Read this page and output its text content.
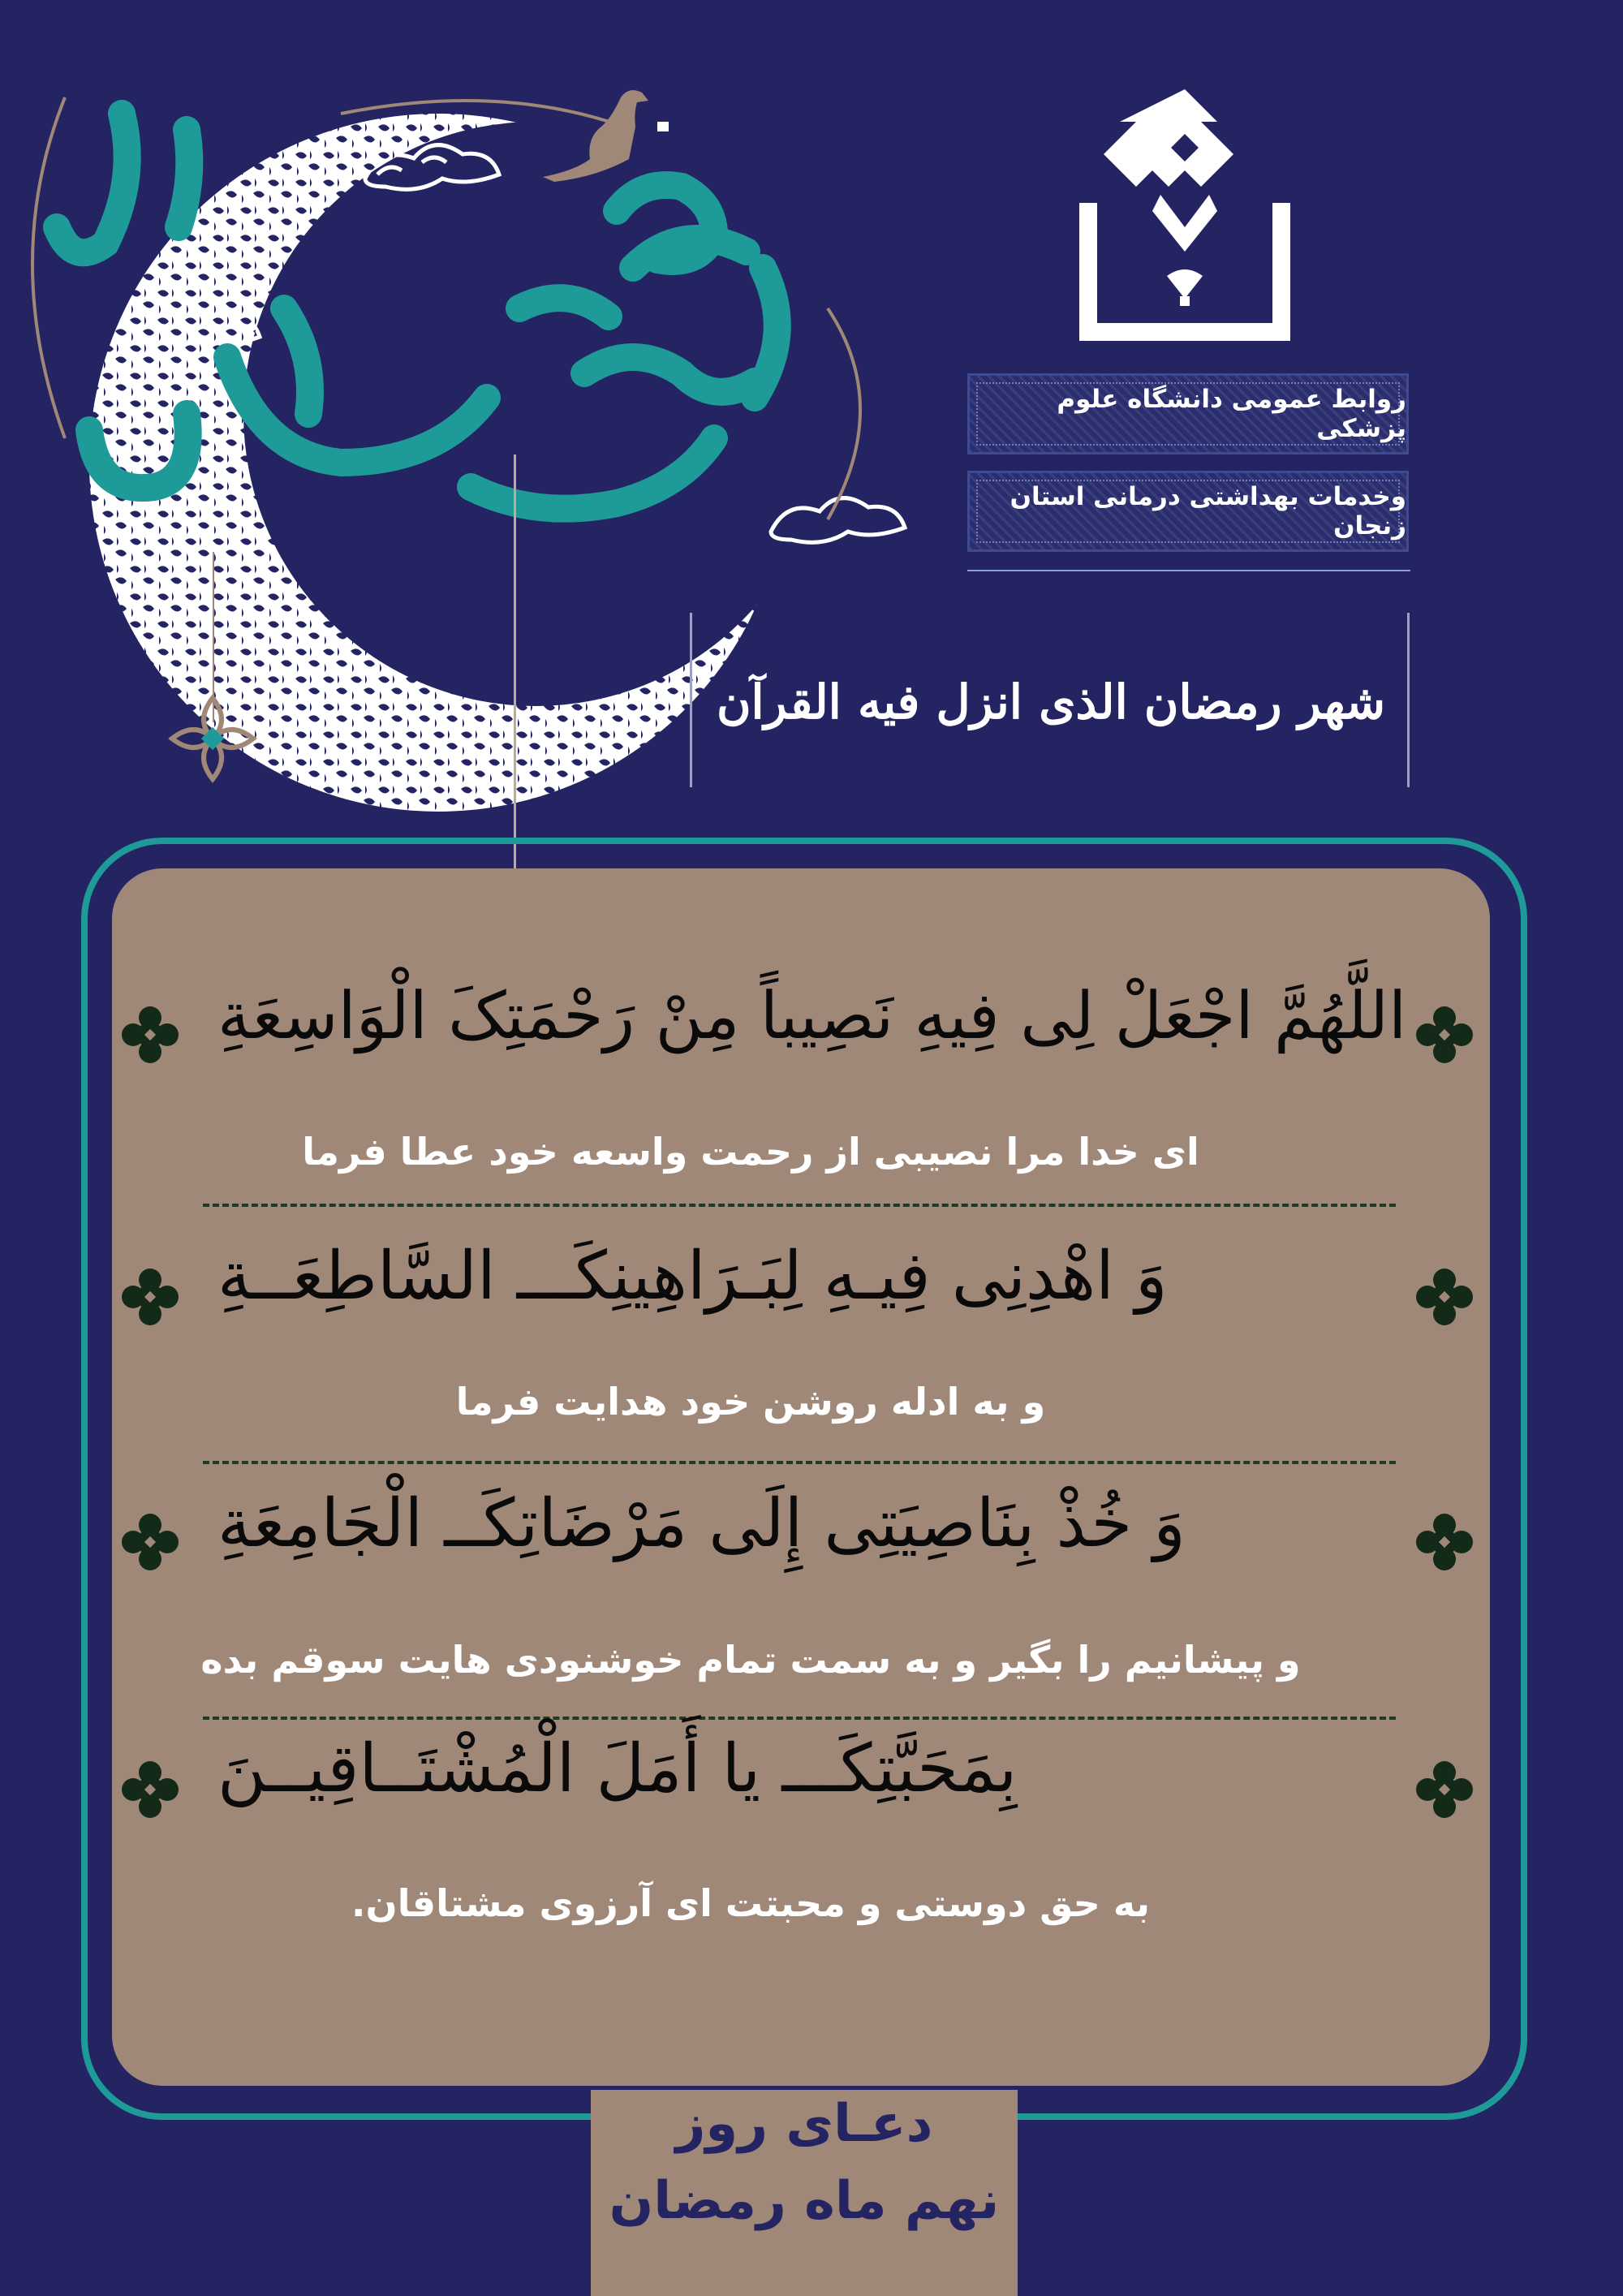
روابط عمومی دانشگاه علوم پزشکی
وخدمات بهداشتی درمانی استان زنجان
شهر رمضان الذی انزل فیه القرآن
اللَّهُمَّ اجْعَلْ لِی فِیهِ نَصِیباً مِنْ رَحْمَتِکَ الْوَاسِعَةِ
ای خدا مرا نصیبی از رحمت واسعه خود عطا فرما
وَ اهْدِنِی فِیـهِ لِبَـرَاهِینِکَـــ السَّاطِعَــةِ
و به ادله روشن خود هدایت فرما
وَ خُذْ بِنَاصِیَتِی إِلَی مَرْضَاتِکَــ الْجَامِعَةِ
و پیشانیم را بگیر و به سمت تمام خوشنودی هایت سوقم بده
بِمَحَبَّتِکَـــ یا أَمَلَ الْمُشْتَــاقِیــنَ
به حق دوستی و محبتت ای آرزوی مشتاقان.
دعـای روز
نهم ماه رمضان
